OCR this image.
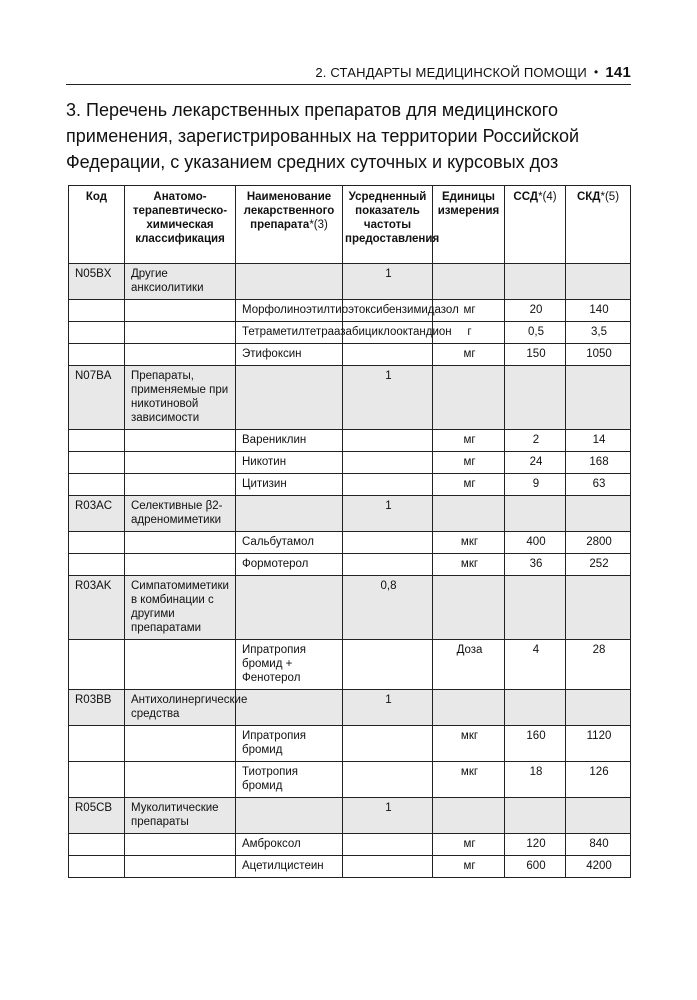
2. СТАНДАРТЫ МЕДИЦИНСКОЙ ПОМОЩИ • 141
3. Перечень лекарственных препаратов для медицинского применения, зарегистрированных на территории Российской Федерации, с указанием средних суточных и курсовых доз
Код	Анатомо-терапевтическо-химическая классификация	Наименование лекарственного препарата*(3)	Усредненный показатель частоты предоставления	Единицы измерения	ССД*(4)	СКД*(5)
N05BX	Другие анксиолитики		1			
		Морфолиноэтилтиоэтоксибензимидазол		мг	20	140
		Тетраметилтетраазабициклооктандион		г	0,5	3,5
		Этифоксин		мг	150	1050
N07BA	Препараты, применяемые при никотиновой зависимости		1			
		Варениклин		мг	2	14
		Никотин		мг	24	168
		Цитизин		мг	9	63
R03AC	Селективные β2-адреномиметики		1			
		Сальбутамол		мкг	400	2800
		Формотерол		мкг	36	252
R03AK	Симпатомиметики в комбинации с другими препаратами		0,8			
		Ипратропия бромид + Фенотерол		Доза	4	28
R03BB	Антихолинергические средства		1			
		Ипратропия бромид		мкг	160	1120
		Тиотропия бромид		мкг	18	126
R05CB	Муколитические препараты		1			
		Амброксол		мг	120	840
		Ацетилцистеин		мг	600	4200
